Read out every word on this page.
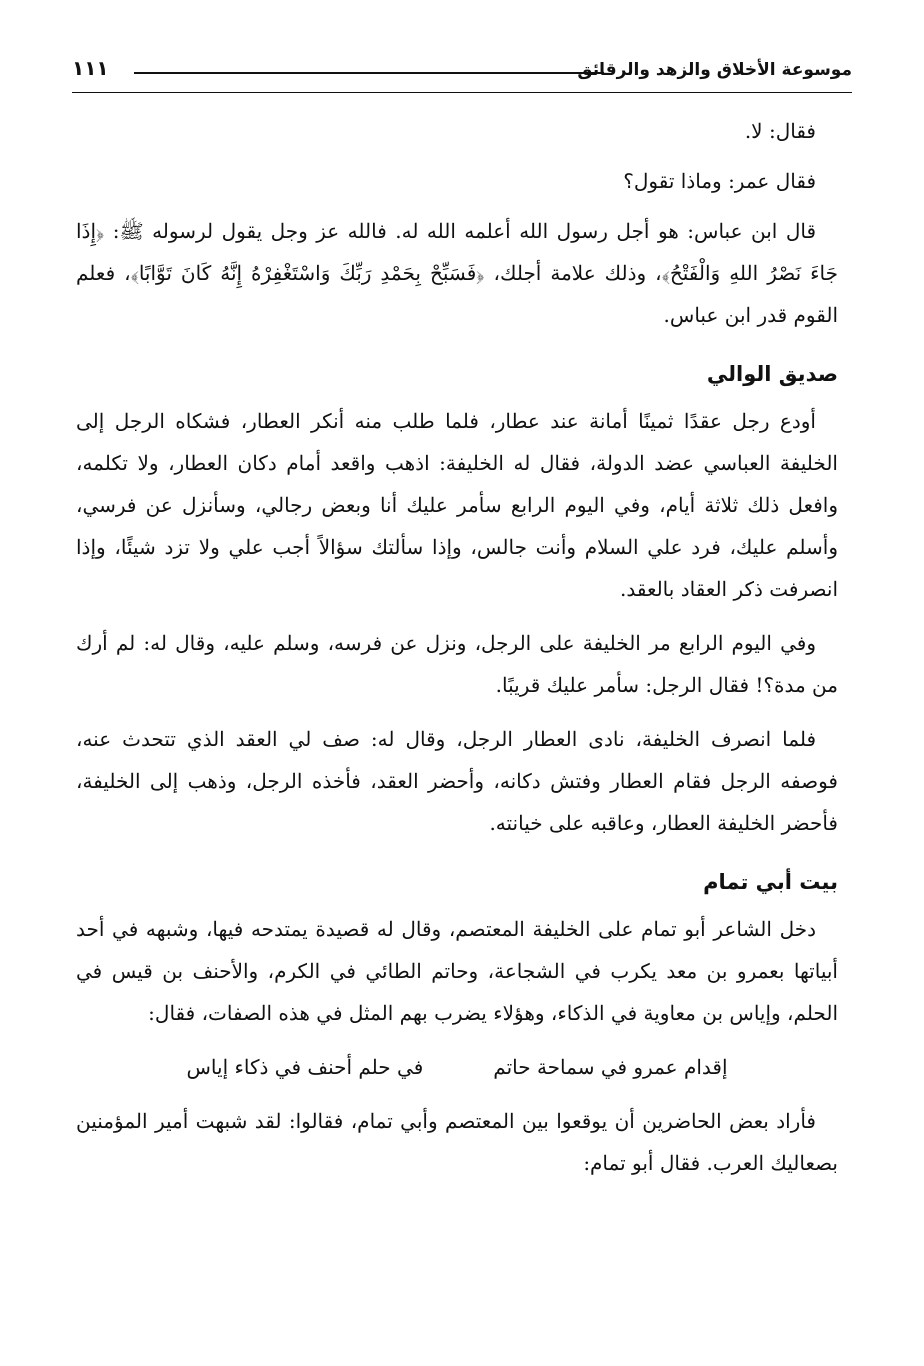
موسوعة الأخلاق والزهد والرقائق
١١١

فقال: لا.

فقال عمر: وماذا تقول؟

قال ابن عباس: هو أجل رسول الله أعلمه الله له. فالله عز وجل يقول لرسوله ﷺ: ﴿إِذَا جَاءَ نَصْرُ اللهِ وَالْفَتْحُ﴾، وذلك علامة أجلك، ﴿فَسَبِّحْ بِحَمْدِ رَبِّكَ وَاسْتَغْفِرْهُ إِنَّهُ كَانَ تَوَّابًا﴾، فعلم القوم قدر ابن عباس.

صديق الوالي

أودع رجل عقدًا ثمينًا أمانة عند عطار، فلما طلب منه أنكر العطار، فشكاه الرجل إلى الخليفة العباسي عضد الدولة، فقال له الخليفة: اذهب واقعد أمام دكان العطار، ولا تكلمه، وافعل ذلك ثلاثة أيام، وفي اليوم الرابع سأمر عليك أنا وبعض رجالي، وسأنزل عن فرسي، وأسلم عليك، فرد علي السلام وأنت جالس، وإذا سألتك سؤالاً أجب علي ولا تزد شيئًا، وإذا انصرفت ذكر العقاد بالعقد.

وفي اليوم الرابع مر الخليفة على الرجل، ونزل عن فرسه، وسلم عليه، وقال له: لم أرك من مدة؟! فقال الرجل: سأمر عليك قريبًا.

فلما انصرف الخليفة، نادى العطار الرجل، وقال له: صف لي العقد الذي تتحدث عنه، فوصفه الرجل فقام العطار وفتش دكانه، وأحضر العقد، فأخذه الرجل، وذهب إلى الخليفة، فأحضر الخليفة العطار، وعاقبه على خيانته.

بيت أبي تمام

دخل الشاعر أبو تمام على الخليفة المعتصم، وقال له قصيدة يمتدحه فيها، وشبهه في أحد أبياتها بعمرو بن معد يكرب في الشجاعة، وحاتم الطائي في الكرم، والأحنف بن قيس في الحلم، وإياس بن معاوية في الذكاء، وهؤلاء يضرب بهم المثل في هذه الصفات، فقال:

إقدام عمرو في سماحة حاتم
في حلم أحنف في ذكاء إياس

فأراد بعض الحاضرين أن يوقعوا بين المعتصم وأبي تمام، فقالوا: لقد شبهت أمير المؤمنين بصعاليك العرب. فقال أبو تمام:
